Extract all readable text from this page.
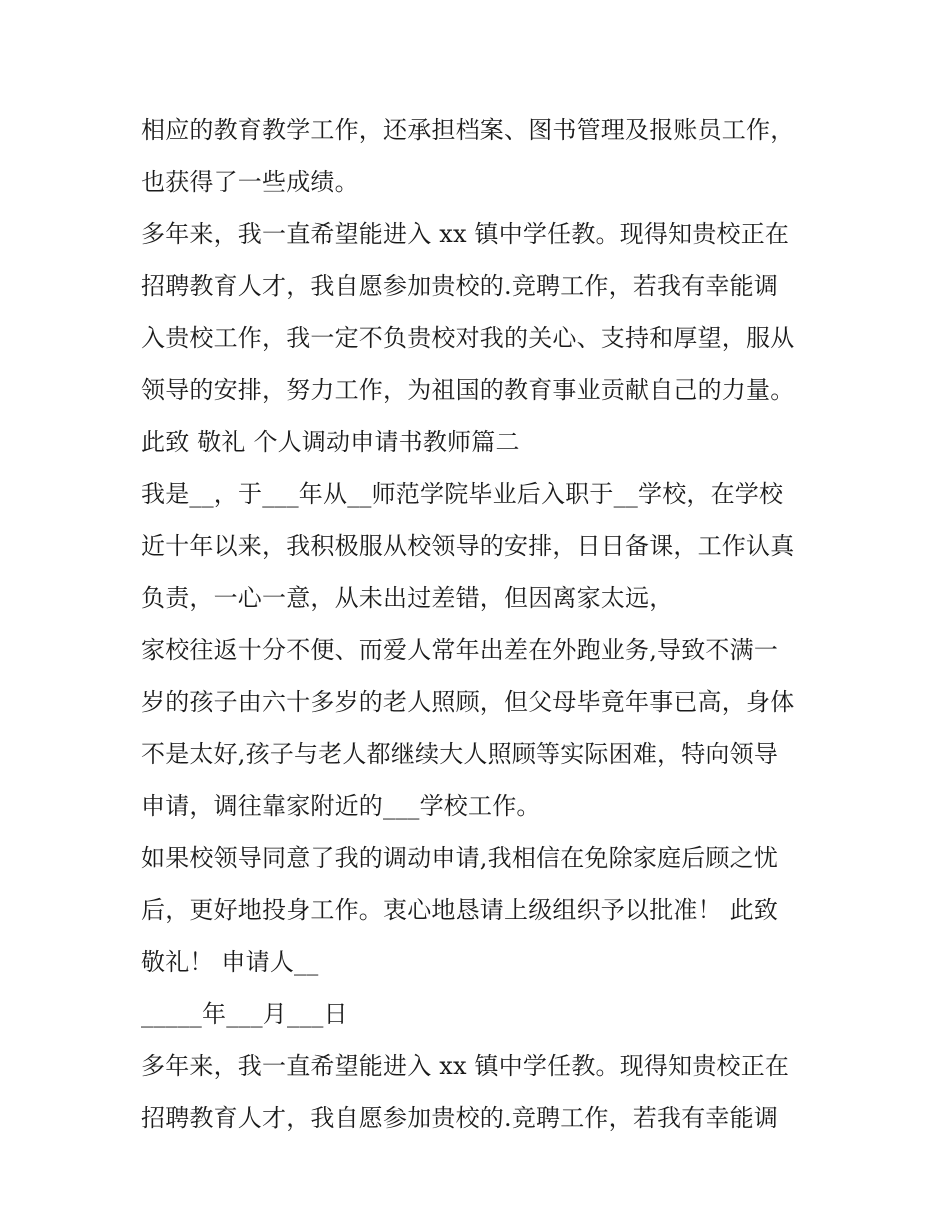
相应的教育教学工作，还承担档案、图书管理及报账员工作，
也获得了一些成绩。
多年来，我一直希望能进入 xx 镇中学任教。现得知贵校正在
招聘教育人才，我自愿参加贵校的.竞聘工作，若我有幸能调
入贵校工作，我一定不负贵校对我的关心、支持和厚望，服从
领导的安排，努力工作，为祖国的教育事业贡献自己的力量。
此致 敬礼 个人调动申请书教师篇二
我是__，于___年从__师范学院毕业后入职于__学校，在学校
近十年以来，我积极服从校领导的安排，日日备课，工作认真
负责，一心一意，从未出过差错，但因离家太远，
家校往返十分不便、而爱人常年出差在外跑业务,导致不满一
岁的孩子由六十多岁的老人照顾，但父母毕竟年事已高，身体
不是太好,孩子与老人都继续大人照顾等实际困难，特向领导
申请，调往靠家附近的___学校工作。
如果校领导同意了我的调动申请,我相信在免除家庭后顾之忧
后，更好地投身工作。衷心地恳请上级组织予以批准！ 此致
敬礼！ 申请人__
_____年___月___日
多年来，我一直希望能进入 xx 镇中学任教。现得知贵校正在
招聘教育人才，我自愿参加贵校的.竞聘工作，若我有幸能调
